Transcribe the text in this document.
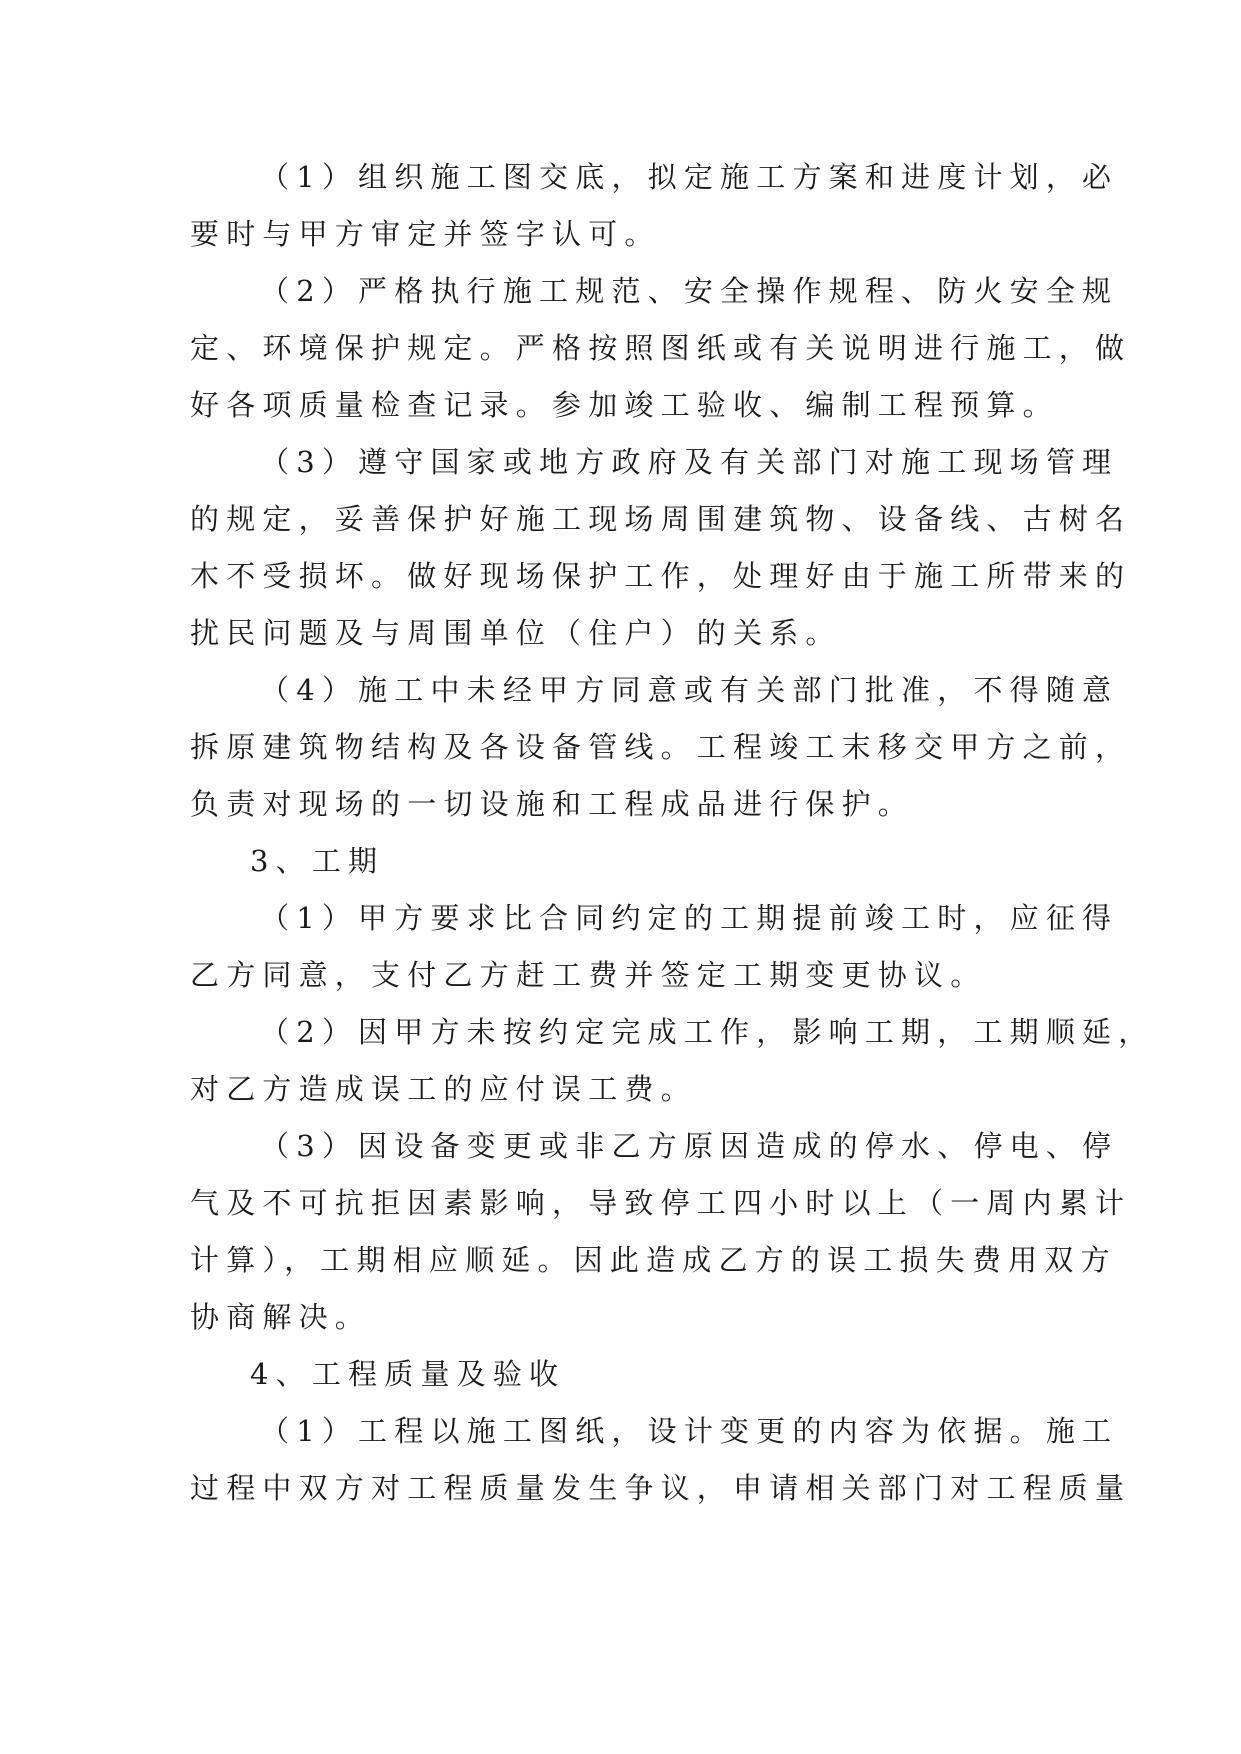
（1）组织施工图交底，拟定施工方案和进度计划，必
要时与甲方审定并签字认可。
（2）严格执行施工规范、安全操作规程、防火安全规
定、环境保护规定。严格按照图纸或有关说明进行施工，做
好各项质量检查记录。参加竣工验收、编制工程预算。
（3）遵守国家或地方政府及有关部门对施工现场管理
的规定，妥善保护好施工现场周围建筑物、设备线、古树名
木不受损坏。做好现场保护工作，处理好由于施工所带来的
扰民问题及与周围单位（住户）的关系。
（4）施工中未经甲方同意或有关部门批准，不得随意
拆原建筑物结构及各设备管线。工程竣工末移交甲方之前，
负责对现场的一切设施和工程成品进行保护。
3、工期
（1）甲方要求比合同约定的工期提前竣工时，应征得
乙方同意，支付乙方赶工费并签定工期变更协议。
（2）因甲方未按约定完成工作，影响工期，工期顺延，
对乙方造成误工的应付误工费。
（3）因设备变更或非乙方原因造成的停水、停电、停
气及不可抗拒因素影响，导致停工四小时以上（一周内累计
计算），工期相应顺延。因此造成乙方的误工损失费用双方
协商解决。
4、工程质量及验收
（1）工程以施工图纸，设计变更的内容为依据。施工
过程中双方对工程质量发生争议，申请相关部门对工程质量
